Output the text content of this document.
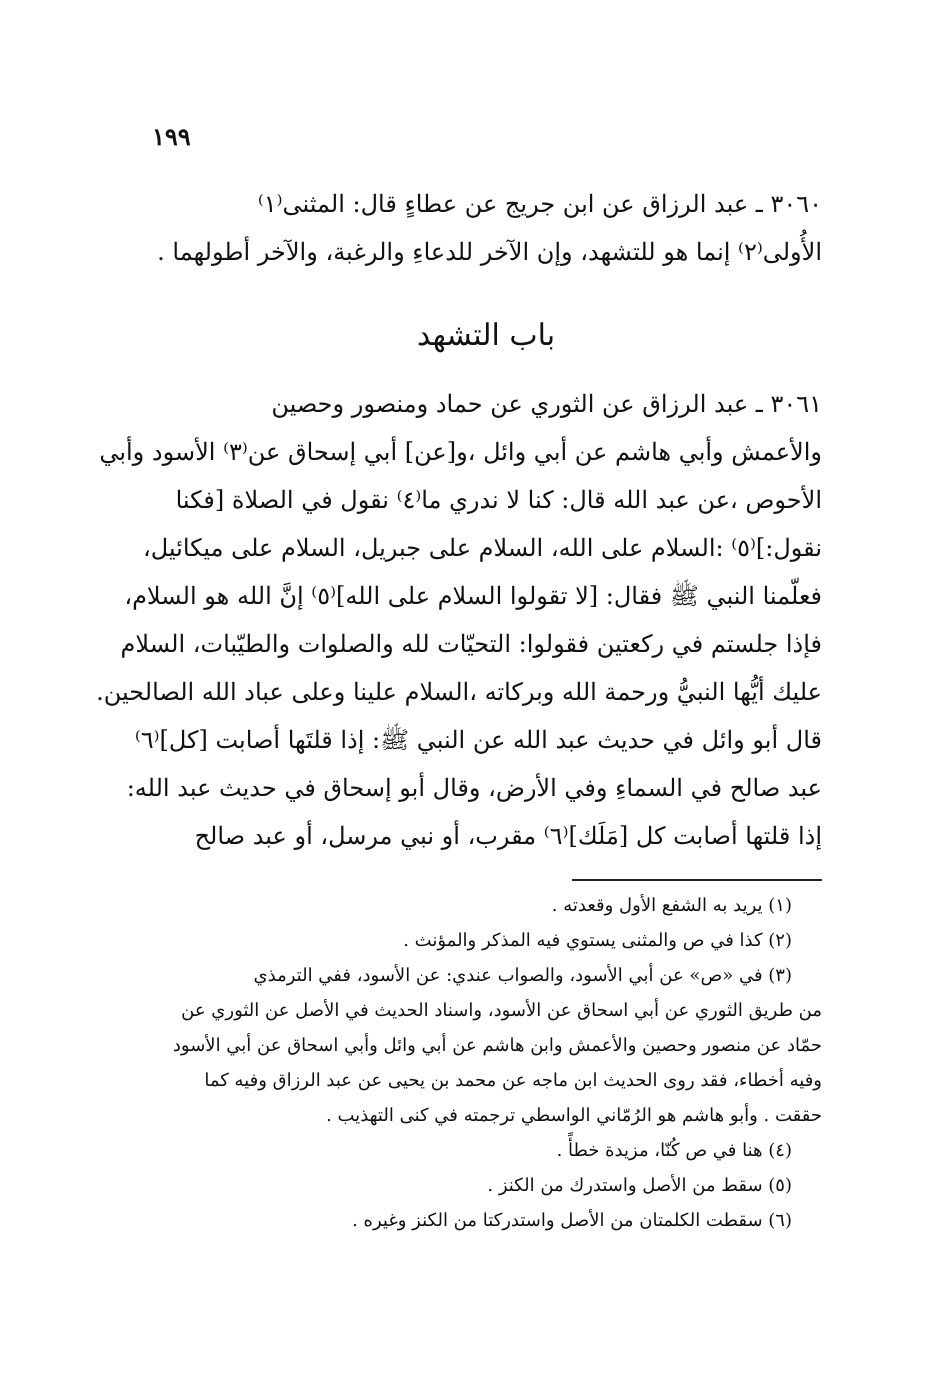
١٩٩
٣٠٦٠ ـ عبد الرزاق عن ابن جريج عن عطاءٍ قال: المثنى⁽١⁾
الأُولى⁽٢⁾ إنما هو للتشهد، وإن الآخر للدعاءِ والرغبة، والآخر أطولهما .
باب التشهد
٣٠٦١ ـ عبد الرزاق عن الثوري عن حماد ومنصور وحصين
والأعمش وأبي هاشم عن أبي وائل ،و[عن] أبي إسحاق عن⁽٣⁾ الأسود وأبي
الأحوص ،عن عبد الله قال: كنا لا ندري ما⁽٤⁾ نقول في الصلاة [فكنا
نقول:]⁽٥⁾ :السلام على الله، السلام على جبريل، السلام على ميكائيل،
فعلّمنا النبي ﷺ فقال: [لا تقولوا السلام على الله]⁽٥⁾ إنَّ الله هو السلام،
فإذا جلستم في ركعتين فقولوا: التحيّات لله والصلوات والطيّبات، السلام
عليك أيُّها النبيُّ ورحمة الله وبركاته ،السلام علينا وعلى عباد الله الصالحين.
قال أبو وائل في حديث عبد الله عن النبي ﷺ: إذا قلتَها أصابت [كل]⁽٦⁾
عبد صالح في السماءِ وفي الأرض، وقال أبو إسحاق في حديث عبد الله:
إذا قلتها أصابت كل [مَلَك]⁽٦⁾ مقرب، أو نبي مرسل، أو عبد صالح
(١) يريد به الشفع الأول وقعدته .
(٢) كذا في ص والمثنى يستوي فيه المذكر والمؤنث .
(٣) في «ص» عن أبي الأسود، والصواب عندي: عن الأسود، ففي الترمذي
من طريق الثوري عن أبي اسحاق عن الأسود، واسناد الحديث في الأصل عن الثوري عن
حمّاد عن منصور وحصين والأعمش وابن هاشم عن أبي وائل وأبي اسحاق عن أبي الأسود
وفيه أخطاء، فقد روى الحديث ابن ماجه عن محمد بن يحيى عن عبد الرزاق وفيه كما
حققت . وأبو هاشم هو الرُمّاني الواسطي ترجمته في كنى التهذيب .
(٤) هنا في ص كُنّا، مزيدة خطأً .
(٥) سقط من الأصل واستدرك من الكنز .
(٦) سقطت الكلمتان من الأصل واستدركتا من الكنز وغيره .
